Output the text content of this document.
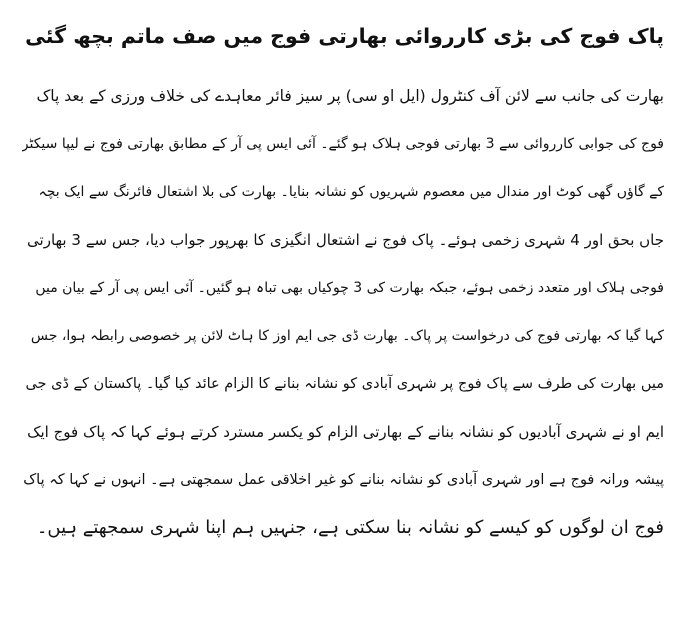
پاک فوج کی بڑی کارروائی بھارتی فوج میں صف ماتم بچھ گئی
بھارت کی جانب سے لائن آف کنٹرول (ایل او سی) پر سیز فائر معاہدے کی خلاف ورزی کے بعد پاک
فوج کی جوابی کارروائی سے 3 بھارتی فوجی ہلاک ہو گئے۔ آئی ایس پی آر کے مطابق بھارتی فوج نے لیپا سیکٹر
کے گاؤں گھی کوٹ اور مندال میں معصوم شہریوں کو نشانہ بنایا۔ بھارت کی بلا اشتعال فائرنگ سے ایک بچہ
جاں بحق اور 4 شہری زخمی ہوئے۔ پاک فوج نے اشتعال انگیزی کا بھرپور جواب دیا، جس سے 3 بھارتی
فوجی ہلاک اور متعدد زخمی ہوئے، جبکہ بھارت کی 3 چوکیاں بھی تباہ ہو گئیں۔ آئی ایس پی آر کے بیان میں
کہا گیا کہ بھارتی فوج کی درخواست پر پاک۔ بھارت ڈی جی ایم اوز کا ہاٹ لائن پر خصوصی رابطہ ہوا، جس
میں بھارت کی طرف سے پاک فوج پر شہری آبادی کو نشانہ بنانے کا الزام عائد کیا گیا۔ پاکستان کے ڈی جی
ایم او نے شہری آبادیوں کو نشانہ بنانے کے بھارتی الزام کو یکسر مسترد کرتے ہوئے کہا کہ پاک فوج ایک
پیشہ ورانہ فوج ہے اور شہری آبادی کو نشانہ بنانے کو غیر اخلاقی عمل سمجھتی ہے۔ انہوں نے کہا کہ پاک
فوج ان لوگوں کو کیسے کو نشانہ بنا سکتی ہے، جنہیں ہم اپنا شہری سمجھتے ہیں۔
